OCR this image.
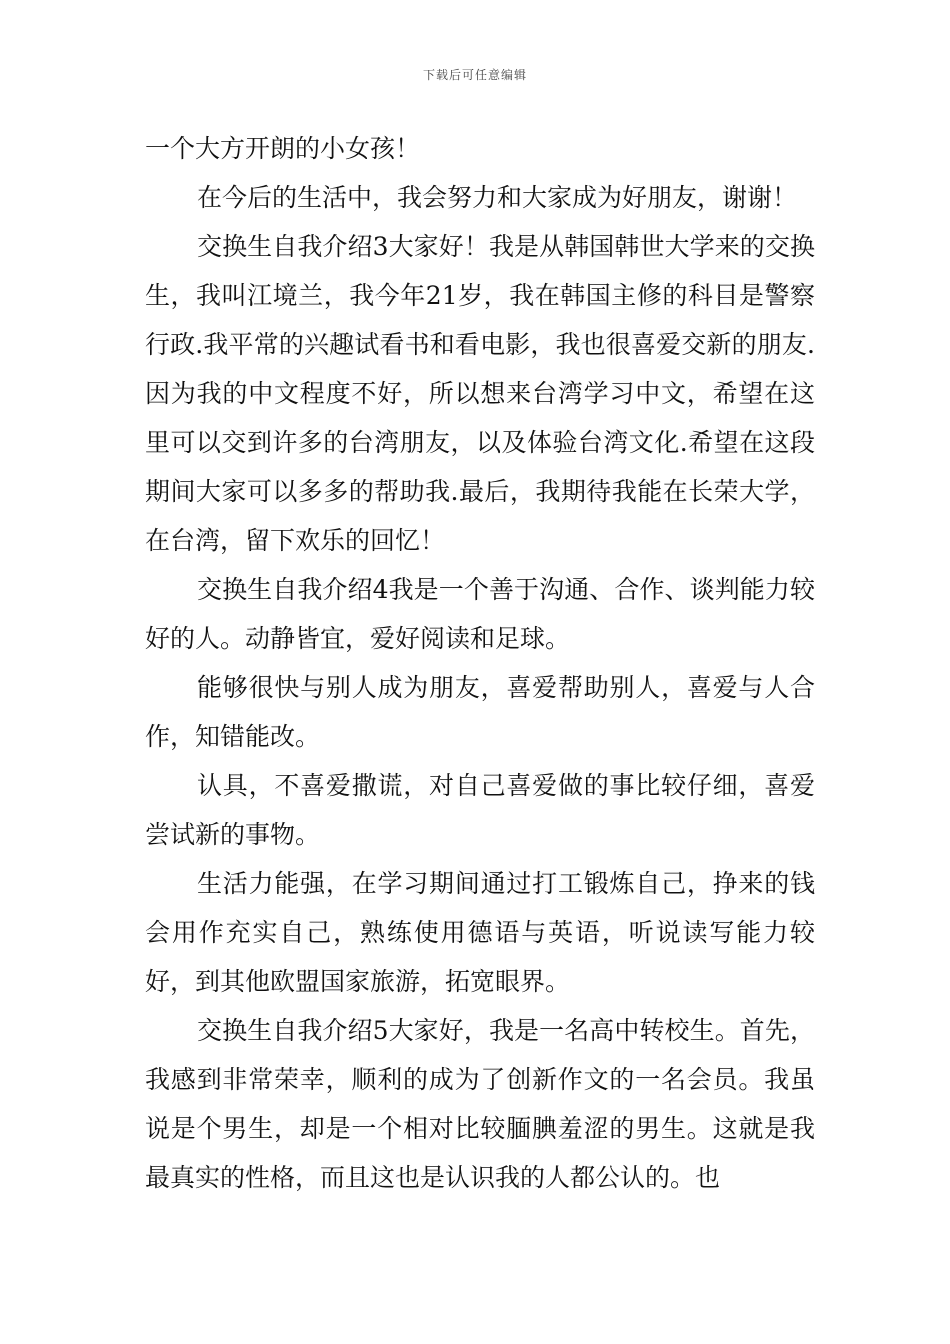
下载后可任意编辑

一个大方开朗的小女孩！

在今后的生活中，我会努力和大家成为好朋友，谢谢！

交换生自我介绍3大家好！我是从韩国韩世大学来的交换生，我叫江境兰，我今年21岁，我在韩国主修的科目是警察行政.我平常的兴趣试看书和看电影，我也很喜爱交新的朋友.因为我的中文程度不好，所以想来台湾学习中文，希望在这里可以交到许多的台湾朋友，以及体验台湾文化.希望在这段期间大家可以多多的帮助我.最后，我期待我能在长荣大学，在台湾，留下欢乐的回忆！

交换生自我介绍4我是一个善于沟通、合作、谈判能力较好的人。动静皆宜，爱好阅读和足球。

能够很快与别人成为朋友，喜爱帮助别人，喜爱与人合作，知错能改。

认具，不喜爱撒谎，对自己喜爱做的事比较仔细，喜爱尝试新的事物。

生活力能强，在学习期间通过打工锻炼自己，挣来的钱会用作充实自己，熟练使用德语与英语，听说读写能力较好，到其他欧盟国家旅游，拓宽眼界。

交换生自我介绍5大家好，我是一名高中转校生。首先，我感到非常荣幸，顺利的成为了创新作文的一名会员。我虽说是个男生，却是一个相对比较腼腆羞涩的男生。这就是我最真实的性格，而且这也是认识我的人都公认的。也
